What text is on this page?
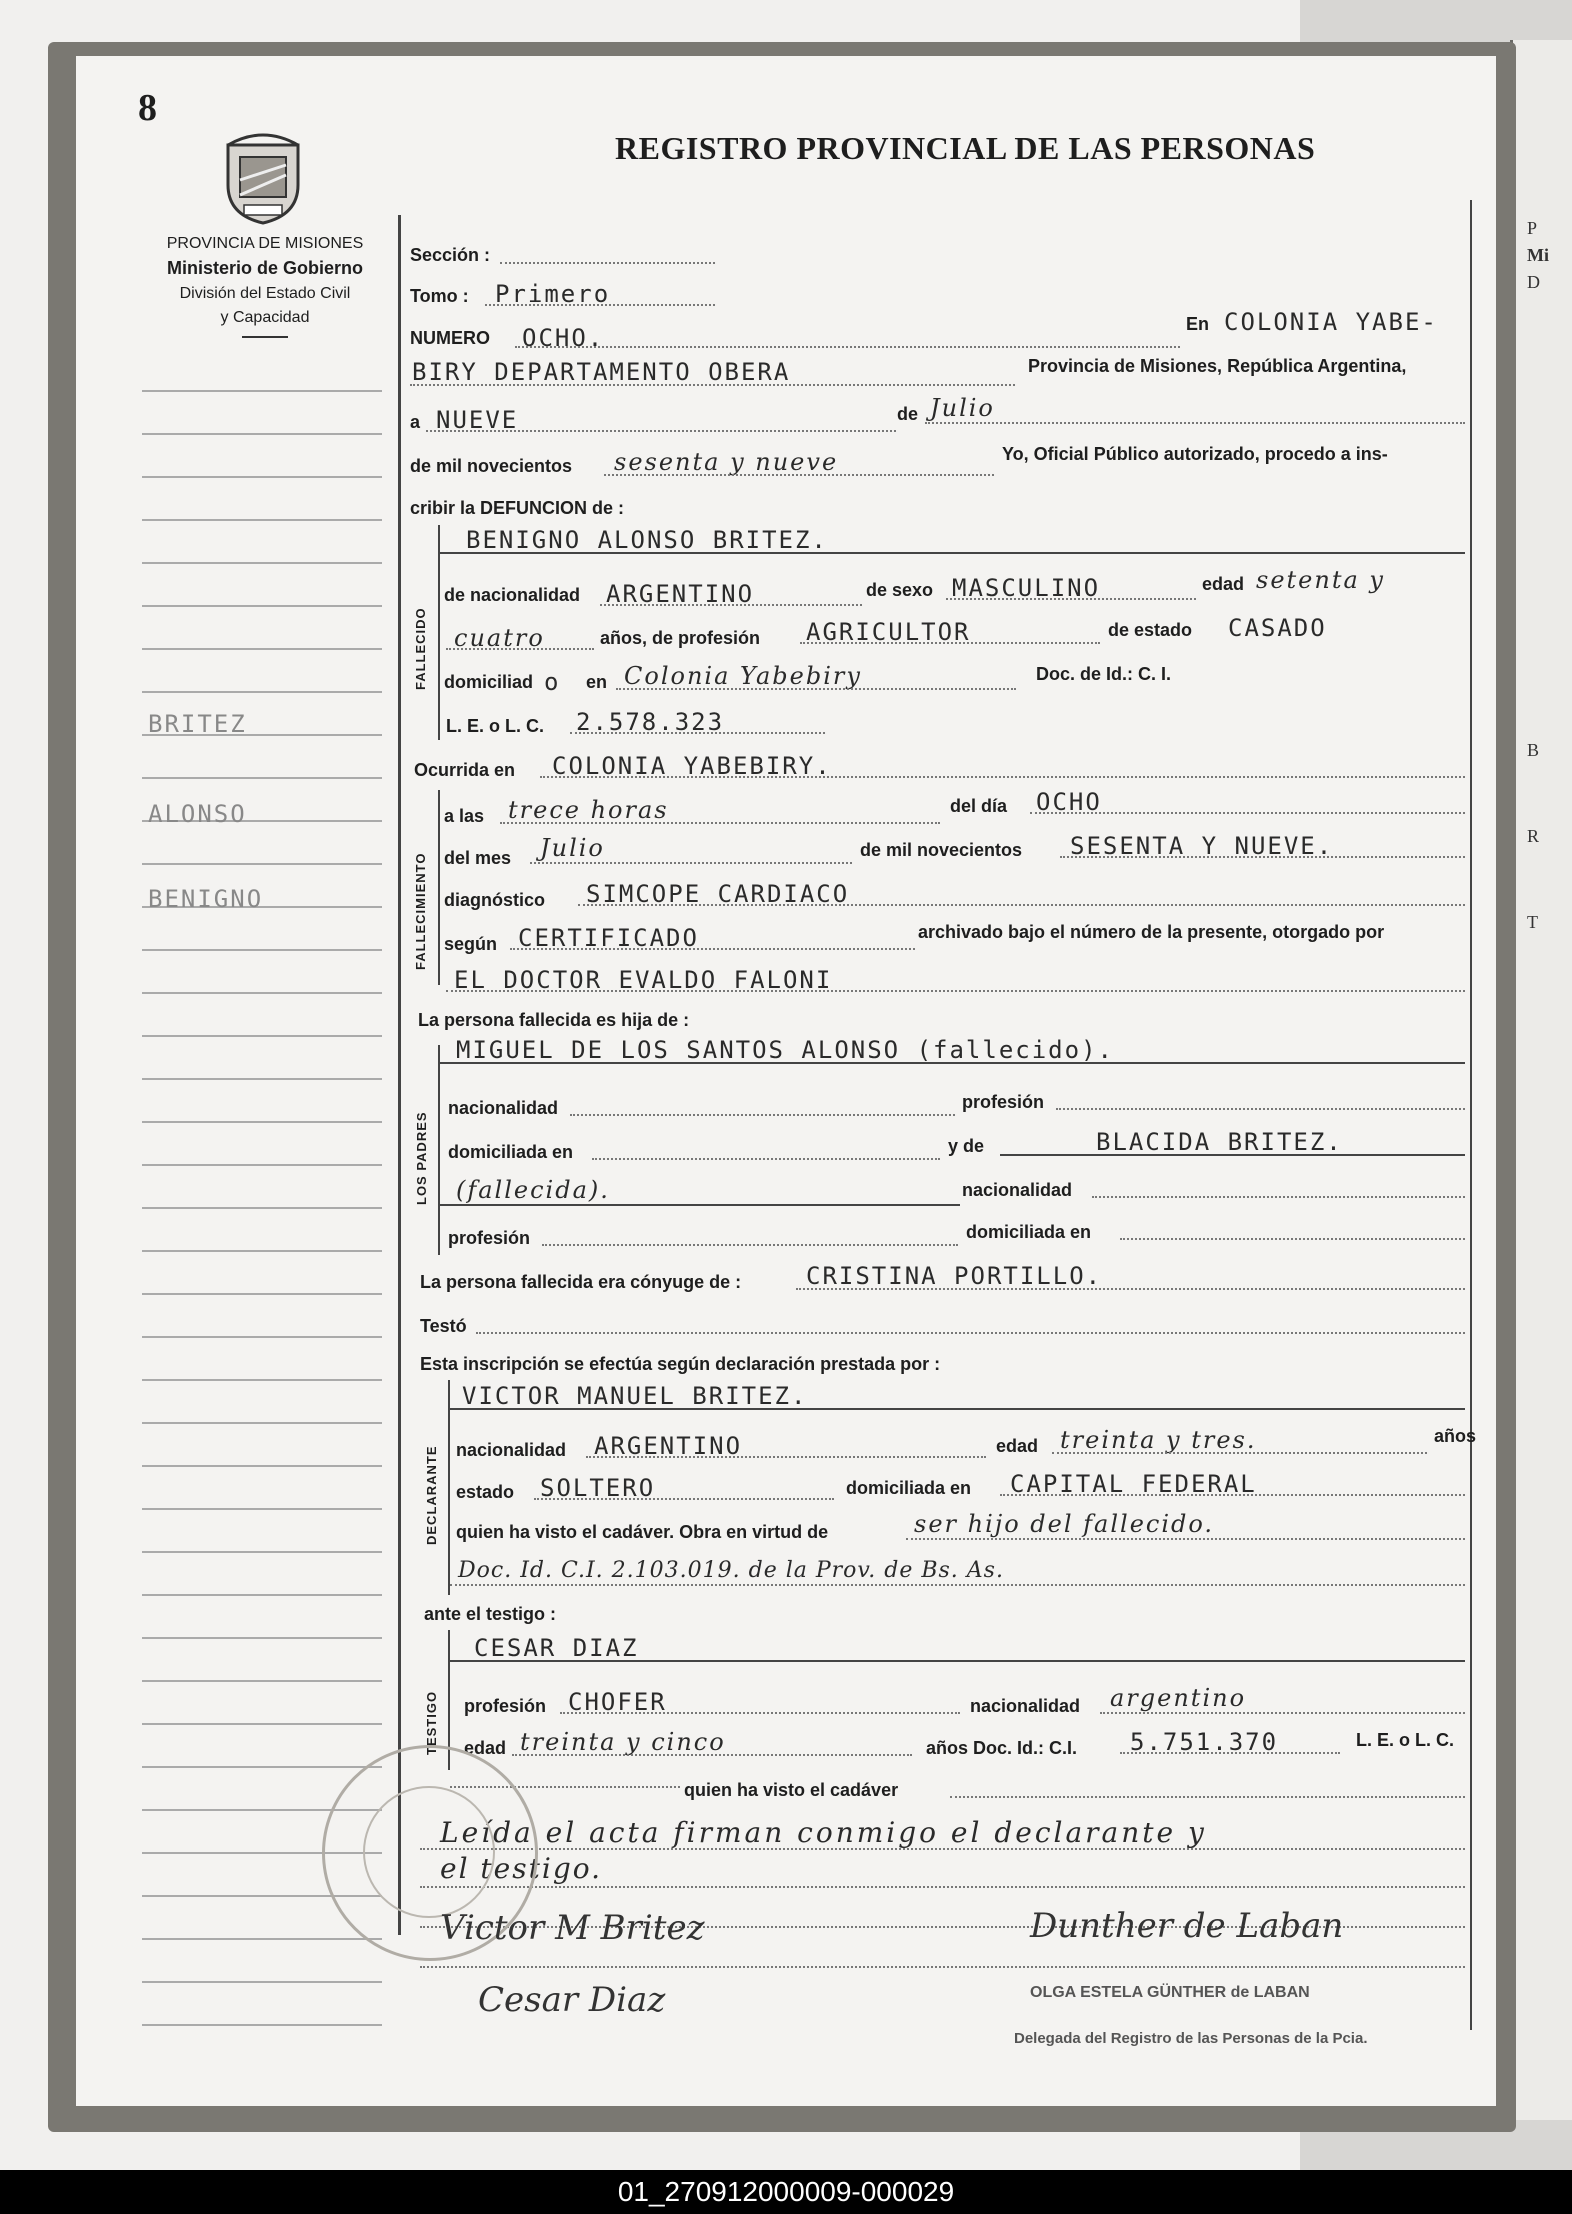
P
Mi
D
B
R
T
8
REGISTRO PROVINCIAL DE LAS PERSONAS
PROVINCIA DE MISIONES
Ministerio de Gobierno
División del Estado Civil
y Capacidad
BRITEZ
ALONSO
BENIGNO
Sección :
Tomo : Primero
NUMERO OCHO.	En COLONIA YABE-
BIRY DEPARTAMENTO OBERA	Provincia de Misiones, República Argentina,
a NUEVE	de Julio
de mil novecientos sesenta y nueve	Yo, Oficial Público autorizado, procedo a ins-
cribir la DEFUNCION de :
FALLECIDO
BENIGNO ALONSO BRITEZ.
de nacionalidad ARGENTINO	de sexo MASCULINO	edad setenta y
cuatro	años, de profesión AGRICULTOR	de estado CASADO
domiciliad o en Colonia Yabebiry	Doc. de Id.: C. I.
L. E. o L. C. 2.578.323
Ocurrida en COLONIA YABEBIRY.
FALLECIMIENTO
a las trece horas	del día OCHO
del mes Julio	de mil novecientos SESENTA Y NUEVE.
diagnóstico SIMCOPE CARDIACO
según CERTIFICADO	archivado bajo el número de la presente, otorgado por
EL DOCTOR EVALDO FALONI
La persona fallecida es hija de :
LOS PADRES
MIGUEL DE LOS SANTOS ALONSO (fallecido).
nacionalidad	profesión
domiciliada en	y de	BLACIDA BRITEZ.
(fallecida).	nacionalidad
profesión	domiciliada en
La persona fallecida era cónyuge de :	CRISTINA PORTILLO.
Testó
Esta inscripción se efectúa según declaración prestada por :
DECLARANTE
VICTOR MANUEL BRITEZ.
nacionalidad ARGENTINO	edad treinta y tres.	años
estado SOLTERO	domiciliada en CAPITAL FEDERAL
quien ha visto el cadáver. Obra en virtud de	ser hijo del fallecido.
Doc. Id. C.I. 2.103.019. de la Prov. de Bs. As.
ante el testigo :
TESTIGO
CESAR DIAZ
profesión CHOFER	nacionalidad argentino
edad treinta y cinco	años Doc. Id.: C.I. 5.751.370	L. E. o L. C.
quien ha visto el cadáver
Leída el acta firman conmigo el declarante y
el testigo.
Victor M Britez
Cesar Diaz
Dunther de Laban
OLGA ESTELA GÜNTHER de LABAN
Delegada del Registro de las Personas de la Pcia.
01_270912000009-000029
